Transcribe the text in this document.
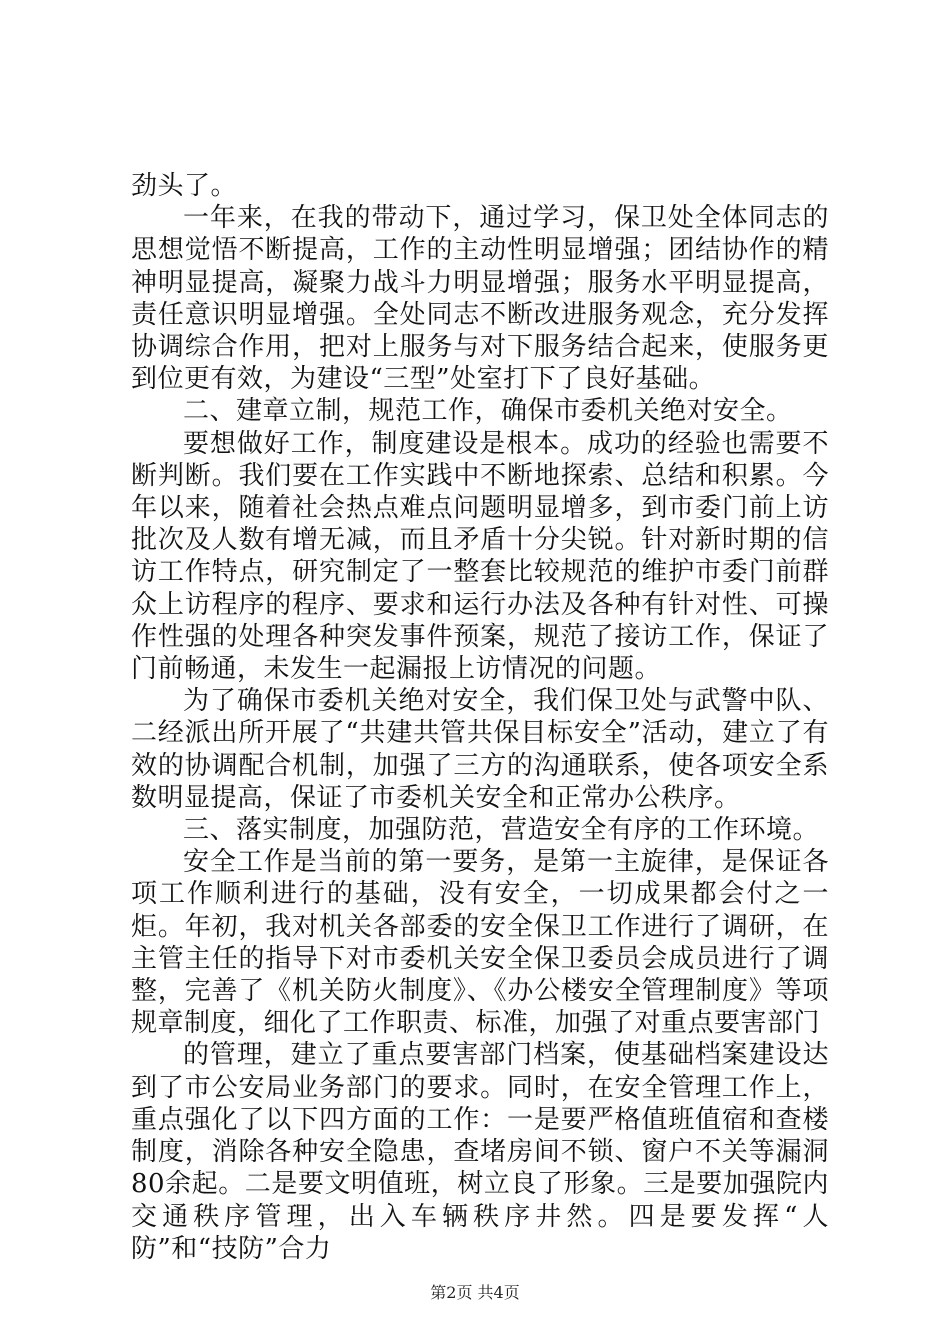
劲头了。

一年来，在我的带动下，通过学习，保卫处全体同志的思想觉悟不断提高，工作的主动性明显增强；团结协作的精神明显提高，凝聚力战斗力明显增强；服务水平明显提高，责任意识明显增强。全处同志不断改进服务观念，充分发挥协调综合作用，把对上服务与对下服务结合起来，使服务更到位更有效，为建设“三型”处室打下了良好基础。

二、建章立制，规范工作，确保市委机关绝对安全。

要想做好工作，制度建设是根本。成功的经验也需要不断判断。我们要在工作实践中不断地探索、总结和积累。今年以来，随着社会热点难点问题明显增多，到市委门前上访批次及人数有增无减，而且矛盾十分尖锐。针对新时期的信访工作特点，研究制定了一整套比较规范的维护市委门前群众上访程序的程序、要求和运行办法及各种有针对性、可操作性强的处理各种突发事件预案，规范了接访工作，保证了门前畅通，未发生一起漏报上访情况的问题。

为了确保市委机关绝对安全，我们保卫处与武警中队、二经派出所开展了“共建共管共保目标安全”活动，建立了有效的协调配合机制，加强了三方的沟通联系，使各项安全系数明显提高，保证了市委机关安全和正常办公秩序。

三、落实制度，加强防范，营造安全有序的工作环境。

安全工作是当前的第一要务，是第一主旋律，是保证各项工作顺利进行的基础，没有安全，一切成果都会付之一炬。年初，我对机关各部委的安全保卫工作进行了调研，在主管主任的指导下对市委机关安全保卫委员会成员进行了调整，完善了《机关防火制度》、《办公楼安全管理制度》等项规章制度，细化了工作职责、标准，加强了对重点要害部门

的管理，建立了重点要害部门档案，使基础档案建设达到了市公安局业务部门的要求。同时，在安全管理工作上，重点强化了以下四方面的工作：一是要严格值班值宿和查楼制度，消除各种安全隐患，查堵房间不锁、窗户不关等漏洞80余起。二是要文明值班，树立良了形象。三是要加强院内交通秩序管理，出入车辆秩序井然。四是要发挥“人防”和“技防”合力

第2页 共4页
